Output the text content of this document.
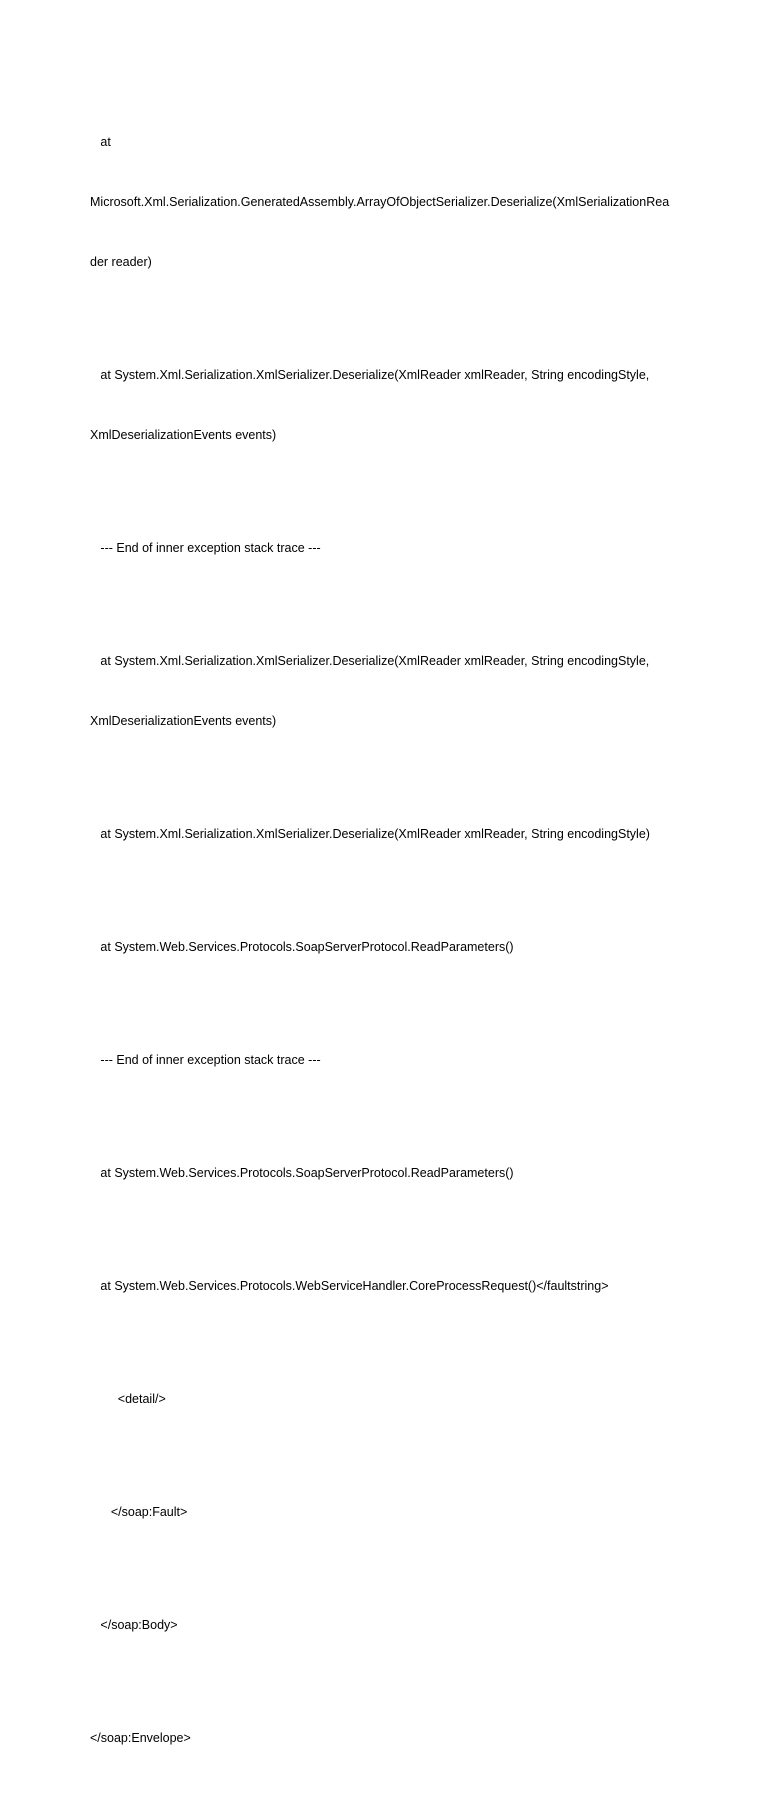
at

Microsoft.Xml.Serialization.GeneratedAssembly.ArrayOfObjectSerializer.Deserialize(XmlSerializationRea

der reader)

at System.Xml.Serialization.XmlSerializer.Deserialize(XmlReader xmlReader, String encodingStyle,

XmlDeserializationEvents events)

--- End of inner exception stack trace ---

at System.Xml.Serialization.XmlSerializer.Deserialize(XmlReader xmlReader, String encodingStyle,

XmlDeserializationEvents events)

at System.Xml.Serialization.XmlSerializer.Deserialize(XmlReader xmlReader, String encodingStyle)

at System.Web.Services.Protocols.SoapServerProtocol.ReadParameters()

--- End of inner exception stack trace ---

at System.Web.Services.Protocols.SoapServerProtocol.ReadParameters()

at System.Web.Services.Protocols.WebServiceHandler.CoreProcessRequest()</faultstring>

<detail/>

</soap:Fault>

</soap:Body>

</soap:Envelope>
